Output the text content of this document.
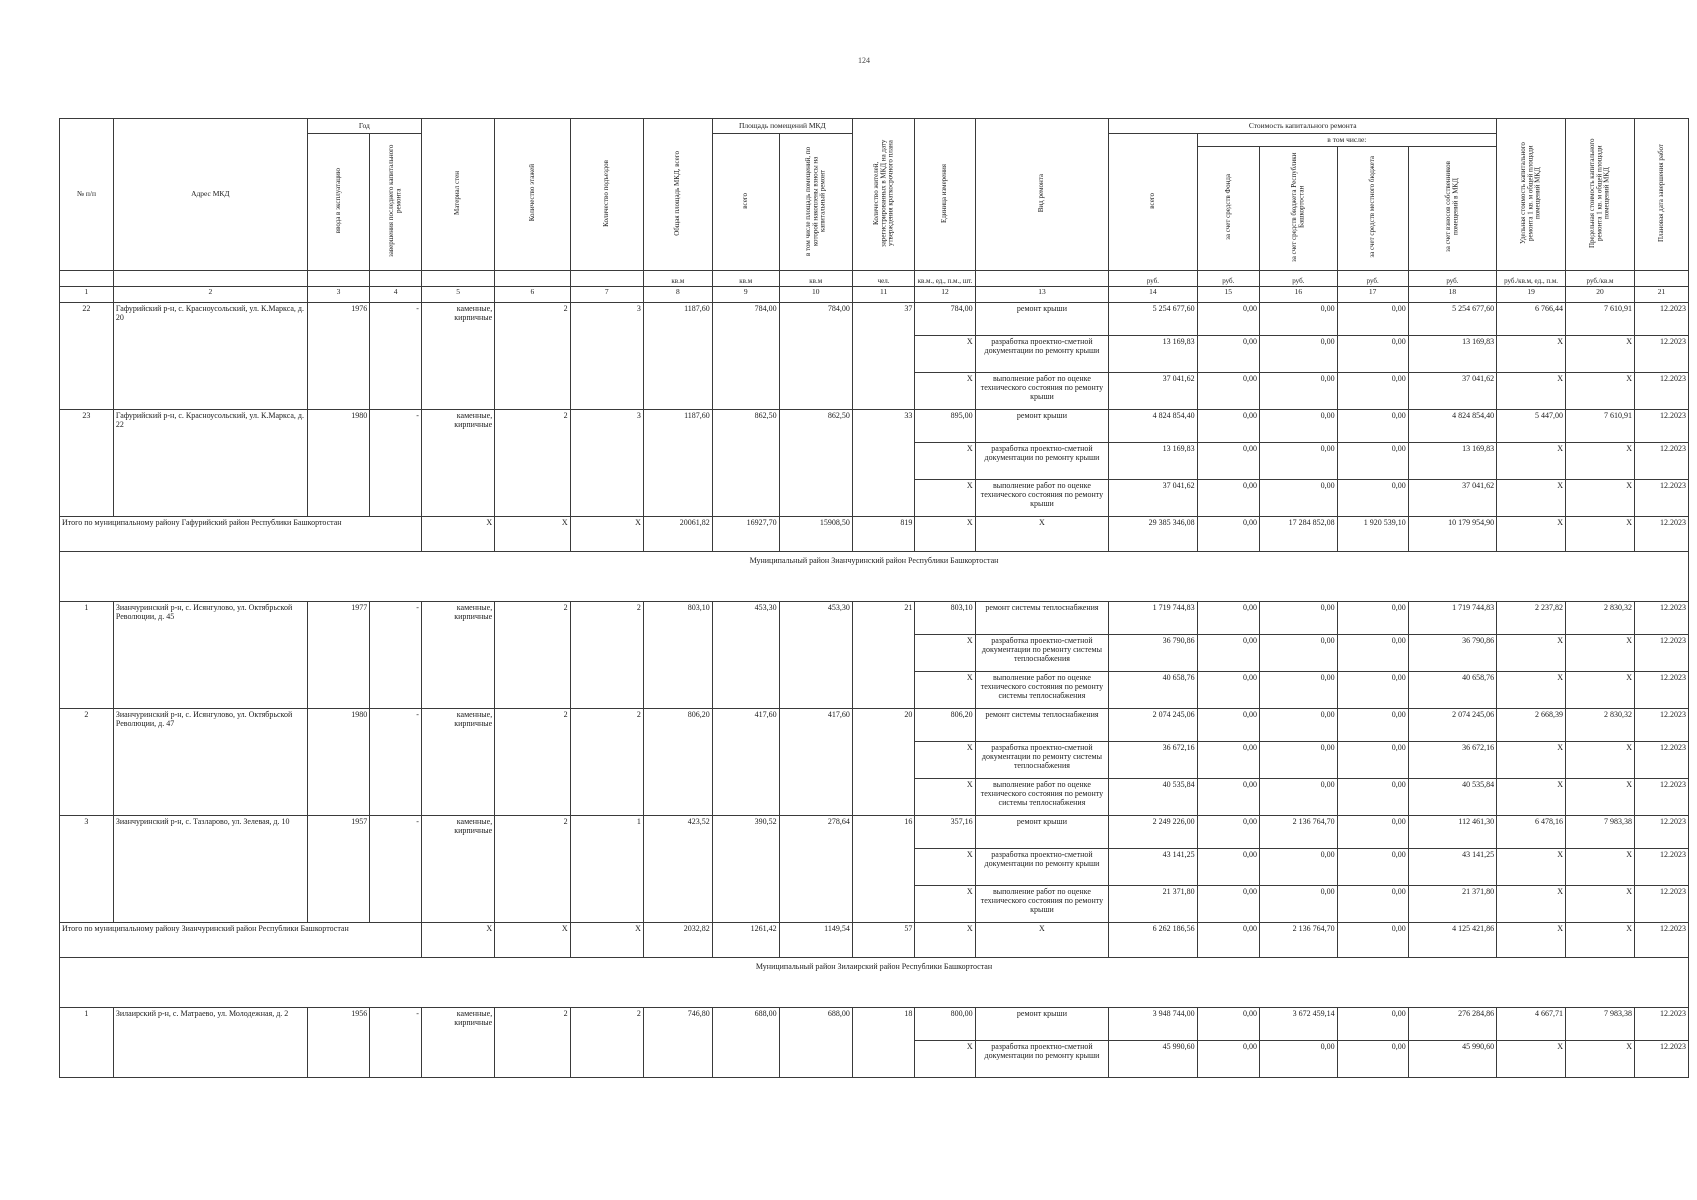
124
№ п/п	Адрес МКД	Год		Материал стен	Количество этажей	Количество подъездов	Общая площадь МКД, всего	Площадь помещений МКД		Количество жителей, зарегистрированных в МКД на дату утверждения краткосрочного плана	Единица измерения	Вид ремонта	Стоимость капитального ремонта					Удельная стоимость капитального ремонта 1 кв. м общей площади помещений МКД	Предельная стоимость капитального ремонта 1 кв. м общей площади помещений МКД	Плановая дата завершения работ
		ввода в эксплуатацию	завершения последнего капитального ремонта					всего	в том числе площадь помещений, по которой накоплены взносы на капитальный ремонт				всего	в том числе:						
														за счет средств Фонда	за счет средств бюджета Республики Башкортостан	за счет средств местного бюджета	за счет взносов собственников помещений в МКД			
							кв.м	кв.м	кв.м	чел.	кв.м., ед., п.м., шт.		руб.	руб.	руб.	руб.	руб.	руб./кв.м, ед., п.м.	руб./кв.м	
1	2	3	4	5	6	7	8	9	10	11	12	13	14	15	16	17	18	19	20	21
22	Гафурийский р-н, с. Красноусольский, ул. К.Маркса, д. 20	1976	-	каменные, кирпичные	2	3	1187,60	784,00	784,00	37	784,00	ремонт крыши	5 254 677,60	0,00	0,00	0,00	5 254 677,60	6 766,44	7 610,91	12.2023
											X	разработка проектно-сметной документации по ремонту крыши	13 169,83	0,00	0,00	0,00	13 169,83	X	X	12.2023
											X	выполнение работ по оценке технического состояния по ремонту крыши	37 041,62	0,00	0,00	0,00	37 041,62	X	X	12.2023
23	Гафурийский р-н, с. Красноусольский, ул. К.Маркса, д. 22	1980	-	каменные, кирпичные	2	3	1187,60	862,50	862,50	33	895,00	ремонт крыши	4 824 854,40	0,00	0,00	0,00	4 824 854,40	5 447,00	7 610,91	12.2023
											X	разработка проектно-сметной документации по ремонту крыши	13 169,83	0,00	0,00	0,00	13 169,83	X	X	12.2023
											X	выполнение работ по оценке технического состояния по ремонту крыши	37 041,62	0,00	0,00	0,00	37 041,62	X	X	12.2023
Итого по муниципальному району Гафурийский район Республики Башкортостан				X	X	X	20061,82	16927,70	15908,50	819	X	X	29 385 346,08	0,00	17 284 852,08	1 920 539,10	10 179 954,90	X	X	12.2023
Муниципальный район Зианчуринский район Республики Башкортостан																				
1	Зианчуринский р-н, с. Исянгулово, ул. Октябрьской Революции, д. 45	1977	-	каменные, кирпичные	2	2	803,10	453,30	453,30	21	803,10	ремонт системы теплоснабжения	1 719 744,83	0,00	0,00	0,00	1 719 744,83	2 237,82	2 830,32	12.2023
											X	разработка проектно-сметной документации по ремонту системы теплоснабжения	36 790,86	0,00	0,00	0,00	36 790,86	X	X	12.2023
											X	выполнение работ по оценке технического состояния по ремонту системы теплоснабжения	40 658,76	0,00	0,00	0,00	40 658,76	X	X	12.2023
2	Зианчуринский р-н, с. Исянгулово, ул. Октябрьской Революции, д. 47	1980	-	каменные, кирпичные	2	2	806,20	417,60	417,60	20	806,20	ремонт системы теплоснабжения	2 074 245,06	0,00	0,00	0,00	2 074 245,06	2 668,39	2 830,32	12.2023
											X	разработка проектно-сметной документации по ремонту системы теплоснабжения	36 672,16	0,00	0,00	0,00	36 672,16	X	X	12.2023
											X	выполнение работ по оценке технического состояния по ремонту системы теплоснабжения	40 535,84	0,00	0,00	0,00	40 535,84	X	X	12.2023
3	Зианчуринский р-н, с. Тазларово, ул. Зелевая, д. 10	1957	-	каменные, кирпичные	2	1	423,52	390,52	278,64	16	357,16	ремонт крыши	2 249 226,00	0,00	2 136 764,70	0,00	112 461,30	6 478,16	7 983,38	12.2023
											X	разработка проектно-сметной документации по ремонту крыши	43 141,25	0,00	0,00	0,00	43 141,25	X	X	12.2023
											X	выполнение работ по оценке технического состояния по ремонту крыши	21 371,80	0,00	0,00	0,00	21 371,80	X	X	12.2023
Итого по муниципальному району Зианчуринский район Республики Башкортостан				X	X	X	2032,82	1261,42	1149,54	57	X	X	6 262 186,56	0,00	2 136 764,70	0,00	4 125 421,86	X	X	12.2023
Муниципальный район Зилаирский район Республики Башкортостан																				
1	Зилаирский р-н, с. Матраево, ул. Молодежная, д. 2	1956	-	каменные, кирпичные	2	2	746,80	688,00	688,00	18	800,00	ремонт крыши	3 948 744,00	0,00	3 672 459,14	0,00	276 284,86	4 667,71	7 983,38	12.2023
											X	разработка проектно-сметной документации по ремонту крыши	45 990,60	0,00	0,00	0,00	45 990,60	X	X	12.2023
